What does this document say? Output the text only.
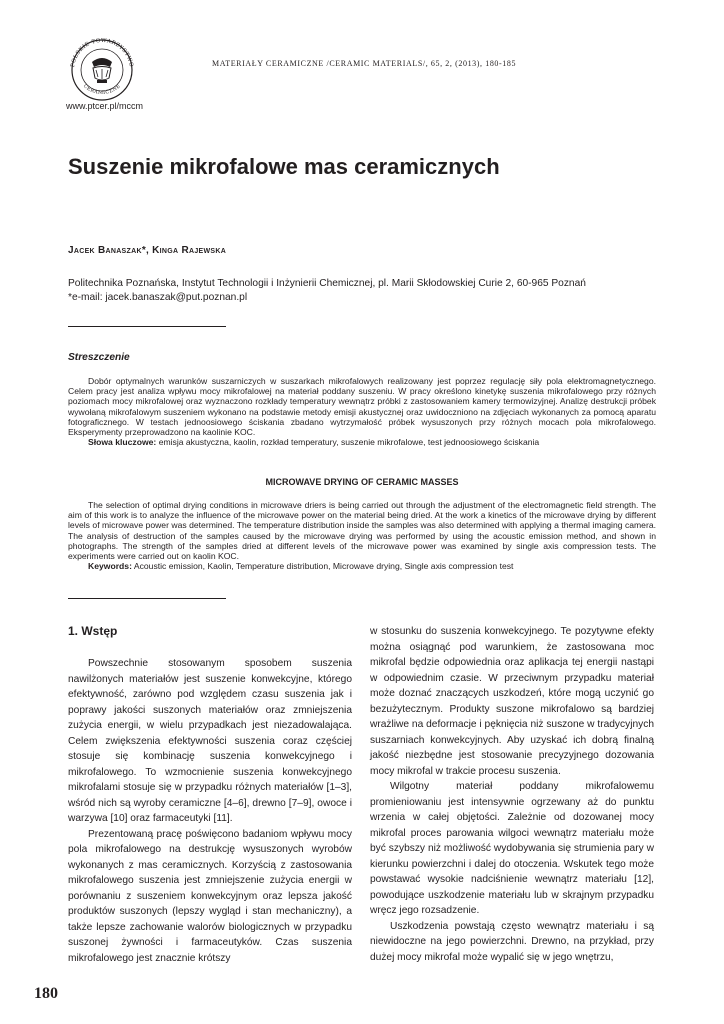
POLSKIE TOWARZYSTWO
CERAMICZNE
www.ptcer.pl/mccm
MATERIAŁY CERAMICZNE /CERAMIC MATERIALS/, 65, 2, (2013), 180-185
Suszenie mikrofalowe mas ceramicznych
Jacek Banaszak*, Kinga Rajewska
Politechnika Poznańska, Instytut Technologii i Inżynierii Chemicznej, pl. Marii Skłodowskiej Curie 2, 60-965 Poznań
*e-mail: jacek.banaszak@put.poznan.pl
Streszczenie

Dobór optymalnych warunków suszarniczych w suszarkach mikrofalowych realizowany jest poprzez regulację siły pola elektromagnetycznego. Celem pracy jest analiza wpływu mocy mikrofalowej na materiał poddany suszeniu. W pracy określono kinetykę suszenia mikrofalowego przy różnych poziomach mocy mikrofalowej oraz wyznaczono rozkłady temperatury wewnątrz próbki z zastosowaniem kamery termowizyjnej. Analizę destrukcji próbek wywołaną mikrofalowym suszeniem wykonano na podstawie metody emisji akustycznej oraz uwidoczniono na zdjęciach wykonanych za pomocą aparatu fotograficznego. W testach jednoosiowego ściskania zbadano wytrzymałość próbek wysuszonych przy różnych mocach pola mikrofalowego. Eksperymenty przeprowadzono na kaolinie KOC.

Słowa kluczowe: emisja akustyczna, kaolin, rozkład temperatury, suszenie mikrofalowe, test jednoosiowego ściskania

MICROWAVE DRYING OF CERAMIC MASSES

The selection of optimal drying conditions in microwave driers is being carried out through the adjustment of the electromagnetic field strength. The aim of this work is to analyze the influence of the microwave power on the material being dried. At the work a kinetics of the microwave drying by different levels of microwave power was determined. The temperature distribution inside the samples was also determined with applying a thermal imaging camera. The analysis of destruction of the samples caused by the microwave drying was performed by using the acoustic emission method, and shown in photographs. The strength of the samples dried at different levels of the microwave power was examined by single axis compression tests. The experiments were carried out on kaolin KOC.

Keywords: Acoustic emission, Kaolin, Temperature distribution, Microwave drying, Single axis compression test

1. Wstęp

Powszechnie stosowanym sposobem suszenia nawilżonych materiałów jest suszenie konwekcyjne, którego efektywność, zarówno pod względem czasu suszenia jak i poprawy jakości suszonych materiałów oraz zmniejszenia zużycia energii, w wielu przypadkach jest niezadowalająca. Celem zwiększenia efektywności suszenia coraz częściej stosuje się kombinację suszenia konwekcyjnego i mikrofalowego. To wzmocnienie suszenia konwekcyjnego mikrofalami stosuje się w przypadku różnych materiałów [1–3], wśród nich są wyroby ceramiczne [4–6], drewno [7–9], owoce i warzywa [10] oraz farmaceutyki [11].

Prezentowaną pracę poświęcono badaniom wpływu mocy pola mikrofalowego na destrukcję wysuszonych wyrobów wykonanych z mas ceramicznych. Korzyścią z zastosowania mikrofalowego suszenia jest zmniejszenie zużycia energii w porównaniu z suszeniem konwekcyjnym oraz lepsza jakość produktów suszonych (lepszy wygląd i stan mechaniczny), a także lepsze zachowanie walorów biologicznych w przypadku suszonej żywności i farmaceutyków. Czas suszenia mikrofalowego jest znacznie krótszy

w stosunku do suszenia konwekcyjnego. Te pozytywne efekty można osiągnąć pod warunkiem, że zastosowana moc mikrofal będzie odpowiednia oraz aplikacja tej energii nastąpi w odpowiednim czasie. W przeciwnym przypadku materiał może doznać znaczących uszkodzeń, które mogą uczynić go bezużytecznym. Produkty suszone mikrofalowo są bardziej wrażliwe na deformacje i pęknięcia niż suszone w tradycyjnych suszarniach konwekcyjnych. Aby uzyskać ich dobrą finalną jakość niezbędne jest stosowanie precyzyjnego dozowania mocy mikrofal w trakcie procesu suszenia.

Wilgotny materiał poddany mikrofalowemu promieniowaniu jest intensywnie ogrzewany aż do punktu wrzenia w całej objętości. Zależnie od dozowanej mocy mikrofal proces parowania wilgoci wewnątrz materiału może być szybszy niż możliwość wydobywania się strumienia pary w kierunku powierzchni i dalej do otoczenia. Wskutek tego może powstawać wysokie nadciśnienie wewnątrz materiału [12], powodujące uszkodzenie materiału lub w skrajnym przypadku wręcz jego rozsadzenie.

Uszkodzenia powstają często wewnątrz materiału i są niewidoczne na jego powierzchni. Drewno, na przykład, przy dużej mocy mikrofal może wypalić się w jego wnętrzu,

180
